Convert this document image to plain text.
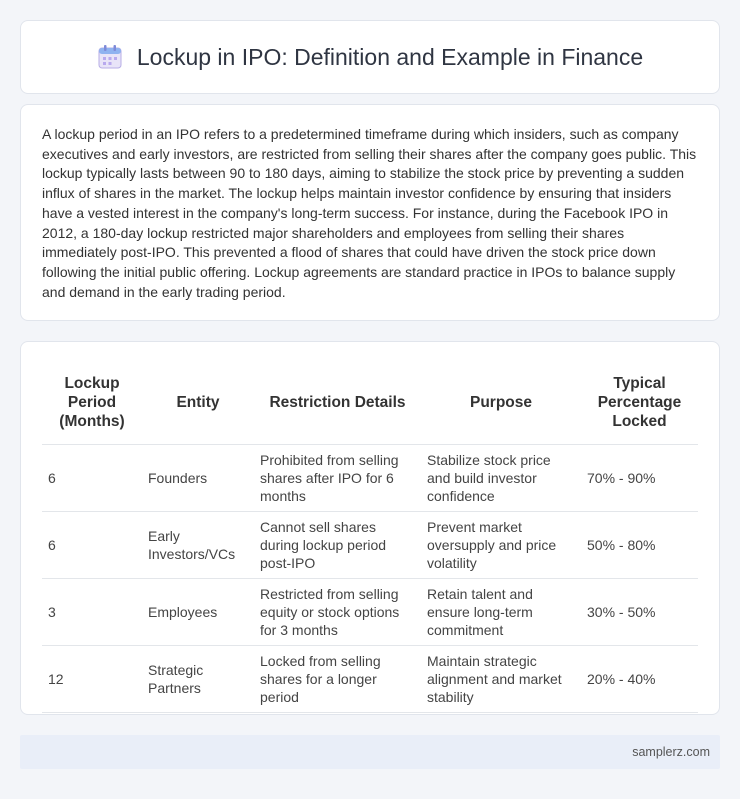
Lockup in IPO: Definition and Example in Finance

A lockup period in an IPO refers to a predetermined timeframe during which insiders, such as company executives and early investors, are restricted from selling their shares after the company goes public. This lockup typically lasts between 90 to 180 days, aiming to stabilize the stock price by preventing a sudden influx of shares in the market. The lockup helps maintain investor confidence by ensuring that insiders have a vested interest in the company's long-term success. For instance, during the Facebook IPO in 2012, a 180-day lockup restricted major shareholders and employees from selling their shares immediately post-IPO. This prevented a flood of shares that could have driven the stock price down following the initial public offering. Lockup agreements are standard practice in IPOs to balance supply and demand in the early trading period.

Lockup Period (Months)	Entity	Restriction Details	Purpose	Typical Percentage Locked
6	Founders	Prohibited from selling shares after IPO for 6 months	Stabilize stock price and build investor confidence	70% - 90%
6	Early Investors/VCs	Cannot sell shares during lockup period post-IPO	Prevent market oversupply and price volatility	50% - 80%
3	Employees	Restricted from selling equity or stock options for 3 months	Retain talent and ensure long-term commitment	30% - 50%
12	Strategic Partners	Locked from selling shares for a longer period	Maintain strategic alignment and market stability	20% - 40%
samplerz.com
